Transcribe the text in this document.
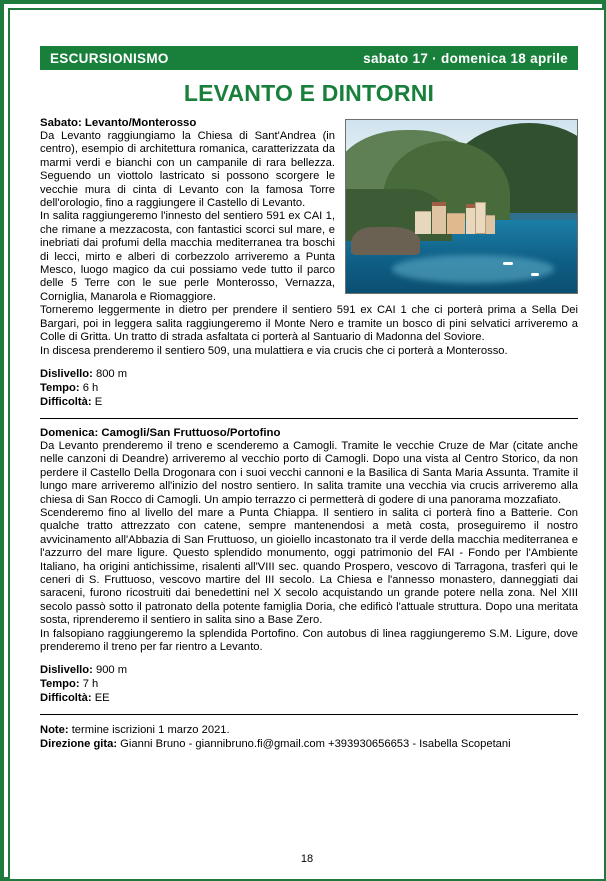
ESCURSIONISMO	sabato 17 · domenica 18 aprile
LEVANTO E DINTORNI
Sabato: Levanto/Monterosso

Da Levanto raggiungiamo la Chiesa di Sant'Andrea (in centro), esempio di architettura romanica, caratterizzata da marmi verdi e bianchi con un campanile di rara bellezza. Seguendo un viottolo lastricato si possono scorgere le vecchie mura di cinta di Levanto con la famosa Torre dell'orologio, fino a raggiungere il Castello di Levanto.

In salita raggiungeremo l'innesto del sentiero 591 ex CAI 1, che rimane a mezzacosta, con fantastici scorci sul mare, e inebriati dai profumi della macchia mediterranea tra boschi di lecci, mirto e alberi di corbezzolo arriveremo a Punta Mesco, luogo magico da cui possiamo vede tutto il parco delle 5 Terre con le sue perle Monterosso, Vernazza, Corniglia, Manarola e Riomaggiore.

Torneremo leggermente in dietro per prendere il sentiero 591 ex CAI 1 che ci porterà prima a Sella Dei Bargari, poi in leggera salita raggiungeremo il Monte Nero e tramite un bosco di pini selvatici arriveremo a Colle di Gritta. Un tratto di strada asfaltata ci porterà al Santuario di Madonna del Soviore.

In discesa prenderemo il sentiero 509, una mulattiera e via crucis che ci porterà a Monterosso.

Dislivello: 800 m
Tempo: 6 h
Difficoltà: E
Domenica: Camogli/San Fruttuoso/Portofino

Da Levanto prenderemo il treno e scenderemo a Camogli. Tramite le vecchie Cruze de Mar (citate anche nelle canzoni di Deandre) arriveremo al vecchio porto di Camogli. Dopo una vista al Centro Storico, da non perdere il Castello Della Drogonara con i suoi vecchi cannoni e la Basilica di Santa Maria Assunta. Tramite il lungo mare arriveremo all'inizio del nostro sentiero. In salita tramite una vecchia via crucis arriveremo alla chiesa di San Rocco di Camogli. Un ampio terrazzo ci permetterà di godere di una panorama mozzafiato.

Scenderemo fino al livello del mare a Punta Chiappa. Il sentiero in salita ci porterà fino a Batterie. Con qualche tratto attrezzato con catene, sempre mantenendosi a metà costa, proseguiremo il nostro avvicinamento all'Abbazia di San Fruttuoso, un gioiello incastonato tra il verde della macchia mediterranea e l'azzurro del mare ligure. Questo splendido monumento, oggi patrimonio del FAI - Fondo per l'Ambiente Italiano, ha origini antichissime, risalenti all'VIII sec. quando Prospero, vescovo di Tarragona, trasferì qui le ceneri di S. Fruttuoso, vescovo martire del III secolo. La Chiesa e l'annesso monastero, danneggiati dai saraceni, furono ricostruiti dai benedettini nel X secolo acquistando un grande potere nella zona. Nel XIII secolo passò sotto il patronato della potente famiglia Doria, che edificò l'attuale struttura. Dopo una meritata sosta, riprenderemo il sentiero in salita sino a Base Zero.

In falsopiano raggiungeremo la splendida Portofino. Con autobus di linea raggiungeremo S.M. Ligure, dove prenderemo il treno per far rientro a Levanto.

Dislivello: 900 m
Tempo: 7 h
Difficoltà: EE
Note: termine iscrizioni 1 marzo 2021.
Direzione gita: Gianni Bruno - giannibruno.fi@gmail.com +393930656653 - Isabella Scopetani
18
